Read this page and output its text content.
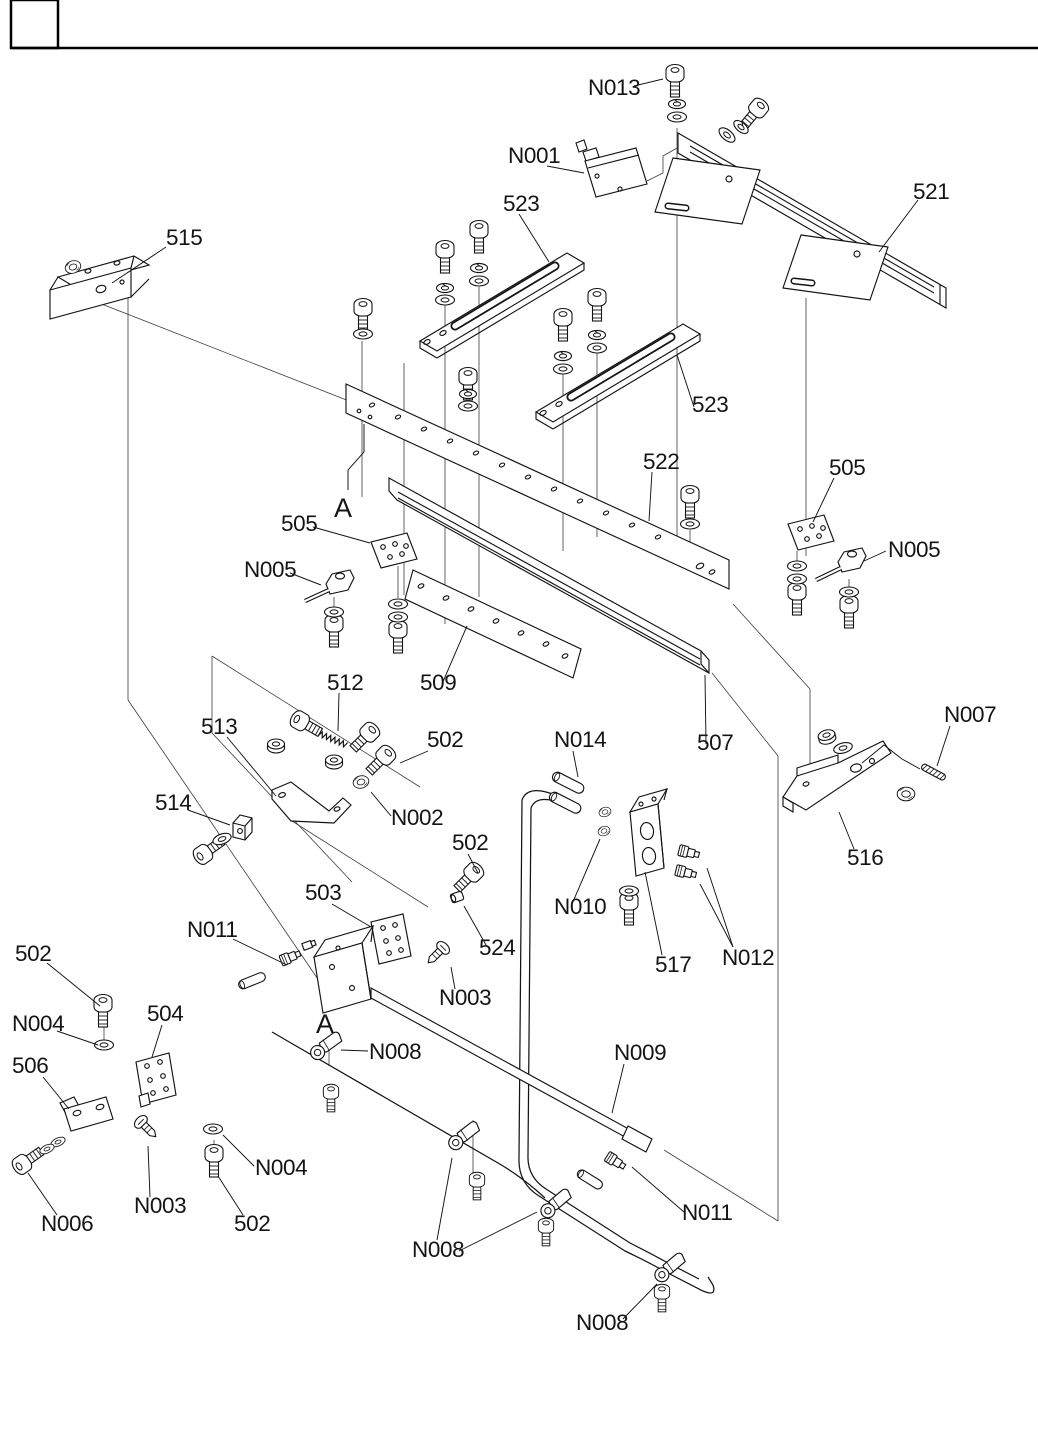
N013
N001
521
523
515
523
522	505
A
505
N005
N005
512	509
513
502	N014
N007
507
514
N002
502
N010
503
516
524
517 N012
N011
502
N003
N004	504	A
506
N008	N009
N004
N006
N003
502
N008
N011
N008
